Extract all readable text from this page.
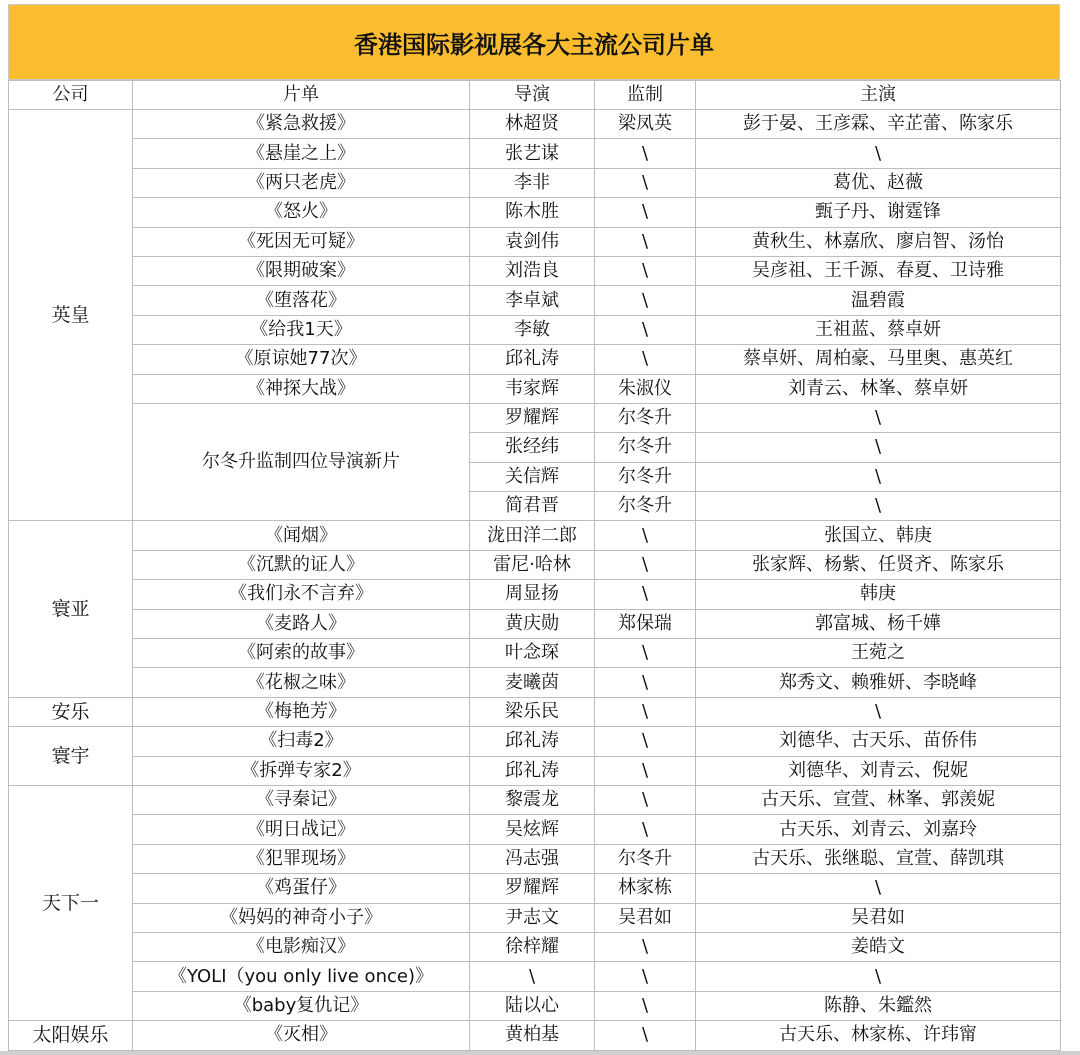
香港国际影视展各大主流公司片单
公司	片单	导演	监制	主演
英皇	《紧急救援》	林超贤	梁凤英	彭于晏、王彦霖、辛芷蕾、陈家乐
	《悬崖之上》	张艺谋	\	\
	《两只老虎》	李非	\	葛优、赵薇
	《怒火》	陈木胜	\	甄子丹、谢霆锋
	《死因无可疑》	袁剑伟	\	黄秋生、林嘉欣、廖启智、汤怡
	《限期破案》	刘浩良	\	吴彦祖、王千源、春夏、卫诗雅
	《堕落花》	李卓斌	\	温碧霞
	《给我1天》	李敏	\	王祖蓝、蔡卓妍
	《原谅她77次》	邱礼涛	\	蔡卓妍、周柏豪、马里奥、惠英红
	《神探大战》	韦家辉	朱淑仪	刘青云、林峯、蔡卓妍
	尔冬升监制四位导演新片	罗耀辉	尔冬升	\
		张经纬	尔冬升	\
		关信辉	尔冬升	\
		简君晋	尔冬升	\
寰亚	《闻烟》	泷田洋二郎	\	张国立、韩庚
	《沉默的证人》	雷尼·哈林	\	张家辉、杨紫、任贤齐、陈家乐
	《我们永不言弃》	周显扬	\	韩庚
	《麦路人》	黄庆勋	郑保瑞	郭富城、杨千嬅
	《阿索的故事》	叶念琛	\	王菀之
	《花椒之味》	麦曦茵	\	郑秀文、赖雅妍、李晓峰
安乐	《梅艳芳》	梁乐民	\	\
寰宇	《扫毒2》	邱礼涛	\	刘德华、古天乐、苗侨伟
	《拆弹专家2》	邱礼涛	\	刘德华、刘青云、倪妮
天下一	《寻秦记》	黎震龙	\	古天乐、宣萱、林峯、郭羡妮
	《明日战记》	吴炫辉	\	古天乐、刘青云、刘嘉玲
	《犯罪现场》	冯志强	尔冬升	古天乐、张继聪、宣萱、薛凯琪
	《鸡蛋仔》	罗耀辉	林家栋	\
	《妈妈的神奇小子》	尹志文	吴君如	吴君如
	《电影痴汉》	徐梓耀	\	姜皓文
	《YOLI（you only live once)》	\	\	\
	《baby复仇记》	陆以心	\	陈静、朱鑑然
太阳娱乐	《灭相》	黄柏基	\	古天乐、林家栋、许玮甯
